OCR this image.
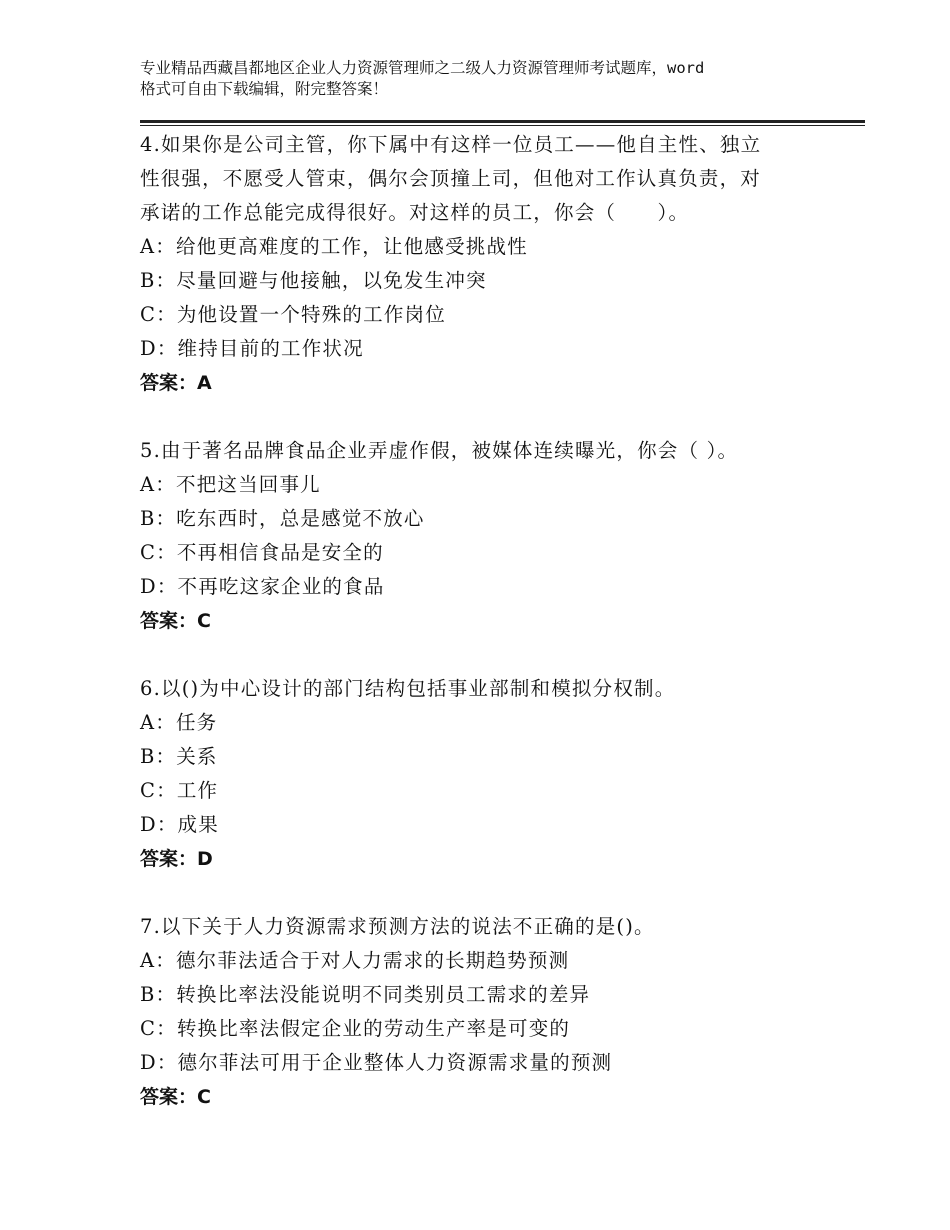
专业精品西藏昌都地区企业人力资源管理师之二级人力资源管理师考试题库，word
格式可自由下载编辑，附完整答案！
4.如果你是公司主管，你下属中有这样一位员工——他自主性、独立
性很强，不愿受人管束，偶尔会顶撞上司，但他对工作认真负责，对
承诺的工作总能完成得很好。对这样的员工，你会（　　）。
A：给他更高难度的工作，让他感受挑战性
B：尽量回避与他接触，以免发生冲突
C：为他设置一个特殊的工作岗位
D：维持目前的工作状况
答案：A
5.由于著名品牌食品企业弄虚作假，被媒体连续曝光，你会（ ）。
A：不把这当回事儿
B：吃东西时，总是感觉不放心
C：不再相信食品是安全的
D：不再吃这家企业的食品
答案：C
6.以()为中心设计的部门结构包括事业部制和模拟分权制。
A：任务
B：关系
C：工作
D：成果
答案：D
7.以下关于人力资源需求预测方法的说法不正确的是()。
A：德尔菲法适合于对人力需求的长期趋势预测
B：转换比率法没能说明不同类别员工需求的差异
C：转换比率法假定企业的劳动生产率是可变的
D：德尔菲法可用于企业整体人力资源需求量的预测
答案：C
